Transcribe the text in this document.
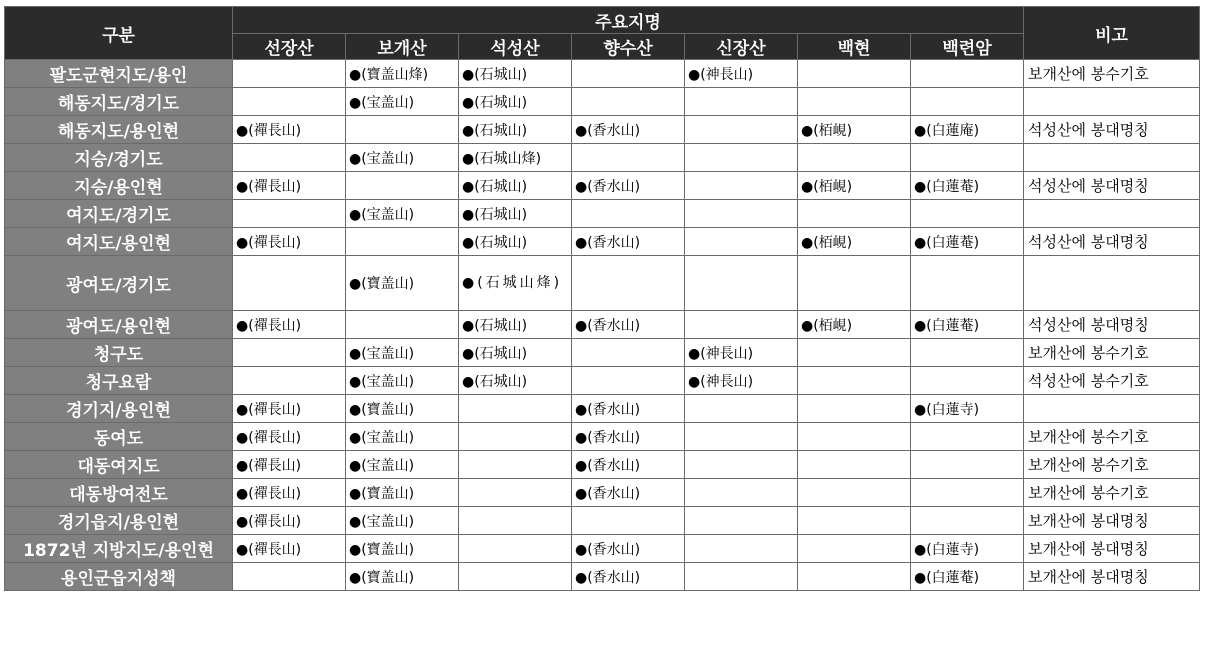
구분	주요지명							비고
	선장산	보개산	석성산	향수산	신장산	백현	백련암	
팔도군현지도/용인		●(寶盖山烽)	●(石城山)		●(神長山)			보개산에 봉수기호
해동지도/경기도		●(宝盖山)	●(石城山)					
해동지도/용인현	●(禪長山)		●(石城山)	●(香水山)		●(栢峴)	●(白蓮庵)	석성산에 봉대명칭
지승/경기도		●(宝盖山)	●(石城山烽)					
지승/용인현	●(禪長山)		●(石城山)	●(香水山)		●(栢峴)	●(白蓮菴)	석성산에 봉대명칭
여지도/경기도		●(宝盖山)	●(石城山)					
여지도/용인현	●(禪長山)		●(石城山)	●(香水山)		●(栢峴)	●(白蓮菴)	석성산에 봉대명칭
광여도/경기도		●(寶盖山)	●(石城山烽)					
광여도/용인현	●(禪長山)		●(石城山)	●(香水山)		●(栢峴)	●(白蓮菴)	석성산에 봉대명칭
청구도		●(宝盖山)	●(石城山)		●(神長山)			보개산에 봉수기호
청구요람		●(宝盖山)	●(石城山)		●(神長山)			석성산에 봉수기호
경기지/용인현	●(禪長山)	●(寶盖山)		●(香水山)			●(白蓮寺)	
동여도	●(禪長山)	●(宝盖山)		●(香水山)				보개산에 봉수기호
대동여지도	●(禪長山)	●(宝盖山)		●(香水山)				보개산에 봉수기호
대동방여전도	●(禪長山)	●(寶盖山)		●(香水山)				보개산에 봉수기호
경기읍지/용인현	●(禪長山)	●(宝盖山)						보개산에 봉대명칭
1872년 지방지도/용인현	●(禪長山)	●(寶盖山)		●(香水山)			●(白蓮寺)	보개산에 봉대명칭
용인군읍지성책		●(寶盖山)		●(香水山)			●(白蓮菴)	보개산에 봉대명칭
